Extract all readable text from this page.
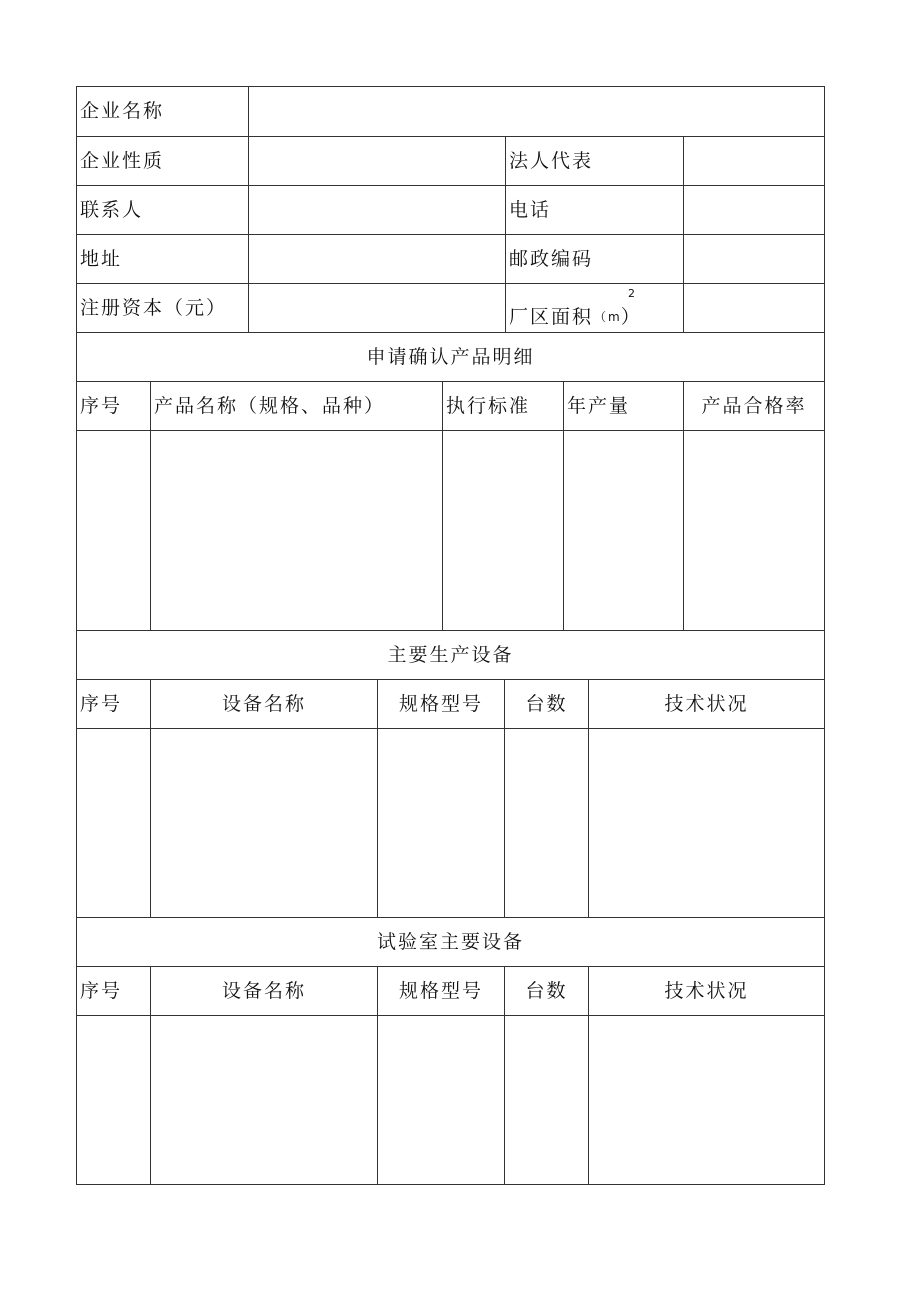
企业名称
企业性质	法人代表
联系人	电话
地址	邮政编码
注册资本（元）	厂区面积 （ m ）
2
申请确认产品明细
序号	产品名称（规格、品种）	执行标准	年产量	产品合格率
主要生产设备
序号	设备名称	规格型号	台数	技术状况
试验室主要设备
序号	设备名称	规格型号	台数	技术状况
